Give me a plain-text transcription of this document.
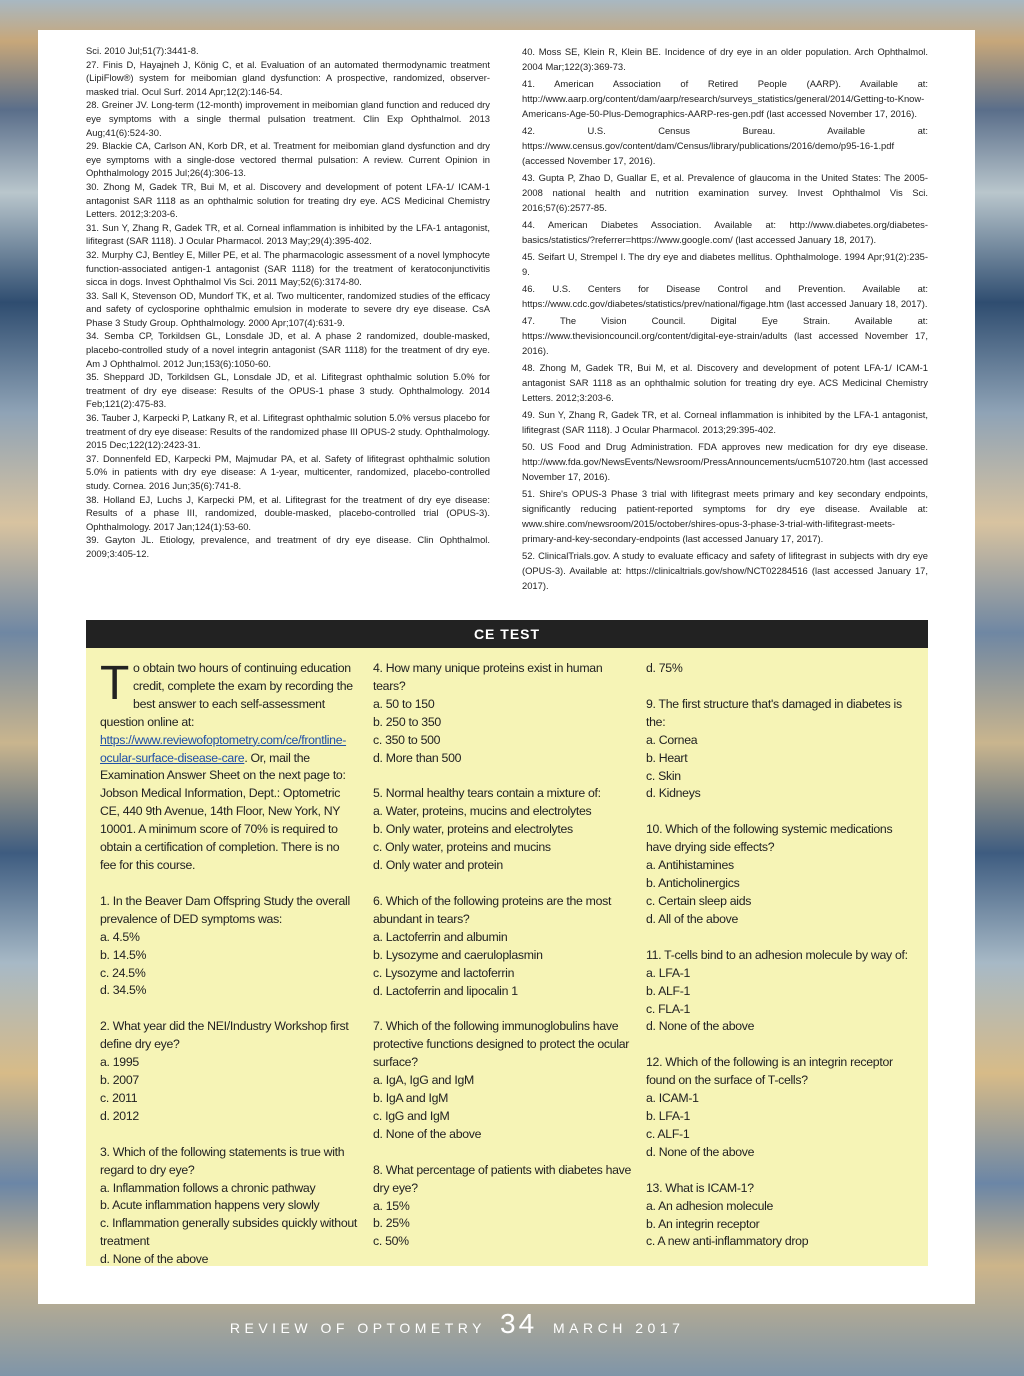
Sci. 2010 Jul;51(7):3441-8.

27. Finis D, Hayajneh J, König C, et al. Evaluation of an automated thermodynamic treatment (LipiFlow®) system for meibomian gland dysfunction: A prospective, randomized, observer-masked trial. Ocul Surf. 2014 Apr;12(2):146-54.

28. Greiner JV. Long-term (12-month) improvement in meibomian gland function and reduced dry eye symptoms with a single thermal pulsation treatment. Clin Exp Ophthalmol. 2013 Aug;41(6):524-30.

29. Blackie CA, Carlson AN, Korb DR, et al. Treatment for meibomian gland dysfunction and dry eye symptoms with a single-dose vectored thermal pulsation: A review. Current Opinion in Ophthalmology 2015 Jul;26(4):306-13.

30. Zhong M, Gadek TR, Bui M, et al. Discovery and development of potent LFA-1/ ICAM-1 antagonist SAR 1118 as an ophthalmic solution for treating dry eye. ACS Medicinal Chemistry Letters. 2012;3:203-6.

31. Sun Y, Zhang R, Gadek TR, et al. Corneal inflammation is inhibited by the LFA-1 antagonist, lifitegrast (SAR 1118). J Ocular Pharmacol. 2013 May;29(4):395-402.

32. Murphy CJ, Bentley E, Miller PE, et al. The pharmacologic assessment of a novel lymphocyte function-associated antigen-1 antagonist (SAR 1118) for the treatment of keratoconjunctivitis sicca in dogs. Invest Ophthalmol Vis Sci. 2011 May;52(6):3174-80.

33. Sall K, Stevenson OD, Mundorf TK, et al. Two multicenter, randomized studies of the efficacy and safety of cyclosporine ophthalmic emulsion in moderate to severe dry eye disease. CsA Phase 3 Study Group. Ophthalmology. 2000 Apr;107(4):631-9.

34. Semba CP, Torkildsen GL, Lonsdale JD, et al. A phase 2 randomized, double-masked, placebo-controlled study of a novel integrin antagonist (SAR 1118) for the treatment of dry eye. Am J Ophthalmol. 2012 Jun;153(6):1050-60.

35. Sheppard JD, Torkildsen GL, Lonsdale JD, et al. Lifitegrast ophthalmic solution 5.0% for treatment of dry eye disease: Results of the OPUS-1 phase 3 study. Ophthalmology. 2014 Feb;121(2):475-83.

36. Tauber J, Karpecki P, Latkany R, et al. Lifitegrast ophthalmic solution 5.0% versus placebo for treatment of dry eye disease: Results of the randomized phase III OPUS-2 study. Ophthalmology. 2015 Dec;122(12):2423-31.

37. Donnenfeld ED, Karpecki PM, Majmudar PA, et al. Safety of lifitegrast ophthalmic solution 5.0% in patients with dry eye disease: A 1-year, multicenter, randomized, placebo-controlled study. Cornea. 2016 Jun;35(6):741-8.

38. Holland EJ, Luchs J, Karpecki PM, et al. Lifitegrast for the treatment of dry eye disease: Results of a phase III, randomized, double-masked, placebo-controlled trial (OPUS-3). Ophthalmology. 2017 Jan;124(1):53-60.

39. Gayton JL. Etiology, prevalence, and treatment of dry eye disease. Clin Ophthalmol. 2009;3:405-12.

40. Moss SE, Klein R, Klein BE. Incidence of dry eye in an older population. Arch Ophthalmol. 2004 Mar;122(3):369-73.

41. American Association of Retired People (AARP). Available at: http://www.aarp.org/content/dam/aarp/research/surveys_statistics/general/2014/Getting-to-Know-Americans-Age-50-Plus-Demographics-AARP-res-gen.pdf (last accessed November 17, 2016).

42. U.S. Census Bureau. Available at: https://www.census.gov/content/dam/Census/library/publications/2016/demo/p95-16-1.pdf (accessed November 17, 2016).

43. Gupta P, Zhao D, Guallar E, et al. Prevalence of glaucoma in the United States: The 2005-2008 national health and nutrition examination survey. Invest Ophthalmol Vis Sci. 2016;57(6):2577-85.

44. American Diabetes Association. Available at: http://www.diabetes.org/diabetes-basics/statistics/?referrer=https://www.google.com/ (last accessed January 18, 2017).

45. Seifart U, Strempel I. The dry eye and diabetes mellitus. Ophthalmologe. 1994 Apr;91(2):235-9.

46. U.S. Centers for Disease Control and Prevention. Available at: https://www.cdc.gov/diabetes/statistics/prev/national/figage.htm (last accessed January 18, 2017).

47. The Vision Council. Digital Eye Strain. Available at: https://www.thevisioncouncil.org/content/digital-eye-strain/adults (last accessed November 17, 2016).

48. Zhong M, Gadek TR, Bui M, et al. Discovery and development of potent LFA-1/ ICAM-1 antagonist SAR 1118 as an ophthalmic solution for treating dry eye. ACS Medicinal Chemistry Letters. 2012;3:203-6.

49. Sun Y, Zhang R, Gadek TR, et al. Corneal inflammation is inhibited by the LFA-1 antagonist, lifitegrast (SAR 1118). J Ocular Pharmacol. 2013;29:395-402.

50. US Food and Drug Administration. FDA approves new medication for dry eye disease. http://www.fda.gov/NewsEvents/Newsroom/PressAnnouncements/ucm510720.htm (last accessed November 17, 2016).

51. Shire's OPUS-3 Phase 3 trial with lifitegrast meets primary and key secondary endpoints, significantly reducing patient-reported symptoms for dry eye disease. Available at: www.shire.com/newsroom/2015/october/shires-opus-3-phase-3-trial-with-lifitegrast-meets-primary-and-key-secondary-endpoints (last accessed January 17, 2017).

52. ClinicalTrials.gov. A study to evaluate efficacy and safety of lifitegrast in subjects with dry eye (OPUS-3). Available at: https://clinicaltrials.gov/show/NCT02284516 (last accessed January 17, 2017).

CE TEST

To obtain two hours of continuing education credit, complete the exam by recording the best answer to each self-assessment question online at: https://www.reviewofoptometry.com/ce/frontline-ocular-surface-disease-care. Or, mail the Examination Answer Sheet on the next page to: Jobson Medical Information, Dept.: Optometric CE, 440 9th Avenue, 14th Floor, New York, NY 10001. A minimum score of 70% is required to obtain a certification of completion. There is no fee for this course.

1. In the Beaver Dam Offspring Study the overall prevalence of DED symptoms was:

a. 4.5%

b. 14.5%

c. 24.5%

d. 34.5%

2. What year did the NEI/Industry Workshop first define dry eye?

a. 1995

b. 2007

c. 2011

d. 2012

3. Which of the following statements is true with regard to dry eye?

a. Inflammation follows a chronic pathway

b. Acute inflammation happens very slowly

c. Inflammation generally subsides quickly without treatment

d. None of the above

4. How many unique proteins exist in human tears?

a. 50 to 150

b. 250 to 350

c. 350 to 500

d. More than 500

5. Normal healthy tears contain a mixture of:

a. Water, proteins, mucins and electrolytes

b. Only water, proteins and electrolytes

c. Only water, proteins and mucins

d. Only water and protein

6. Which of the following proteins are the most abundant in tears?

a. Lactoferrin and albumin

b. Lysozyme and caeruloplasmin

c. Lysozyme and lactoferrin

d. Lactoferrin and lipocalin 1

7. Which of the following immunoglobulins have protective functions designed to protect the ocular surface?

a. IgA, IgG and IgM

b. IgA and IgM

c. IgG and IgM

d. None of the above

8. What percentage of patients with diabetes have dry eye?

a. 15%

b. 25%

c. 50%

d. 75%

9. The first structure that's damaged in diabetes is the:

a. Cornea

b. Heart

c. Skin

d. Kidneys

10. Which of the following systemic medications have drying side effects?

a. Antihistamines

b. Anticholinergics

c. Certain sleep aids

d. All of the above

11. T-cells bind to an adhesion molecule by way of:

a. LFA-1

b. ALF-1

c. FLA-1

d. None of the above

12. Which of the following is an integrin receptor found on the surface of T-cells?

a. ICAM-1

b. LFA-1

c. ALF-1

d. None of the above

13. What is ICAM-1?

a. An adhesion molecule

b. An integrin receptor

c. A new anti-inflammatory drop

REVIEW OF OPTOMETRY 34 MARCH 2017
